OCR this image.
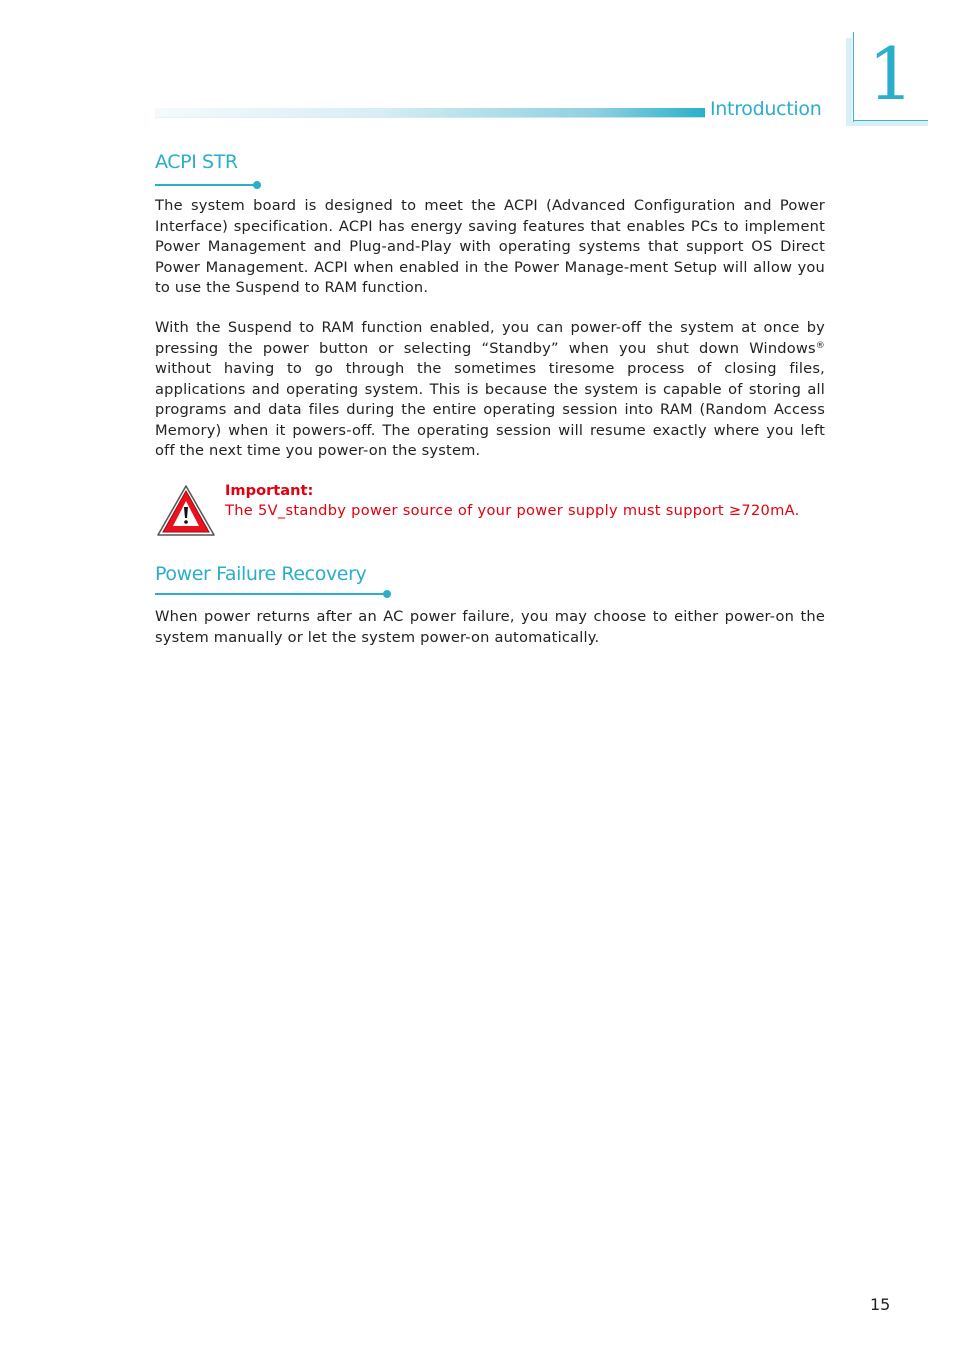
Introduction 1
ACPI STR

The system board is designed to meet the ACPI (Advanced Configuration and Power Interface) specification. ACPI has energy saving features that enables PCs to implement Power Management and Plug-and-Play with operating systems that support OS Direct Power Management. ACPI when enabled in the Power Manage-ment Setup will allow you to use the Suspend to RAM function.

With the Suspend to RAM function enabled, you can power-off the system at once by pressing the power button or selecting “Standby” when you shut down Windows® without having to go through the sometimes tiresome process of closing files, applications and operating system. This is because the system is capable of storing all programs and data files during the entire operating session into RAM (Random Access Memory) when it powers-off. The operating session will resume exactly where you left off the next time you power-on the system.

Important:

The 5V_standby power source of your power supply must support ≥720mA.

Power Failure Recovery

When power returns after an AC power failure, you may choose to either power-on the system manually or let the system power-on automatically.

15
